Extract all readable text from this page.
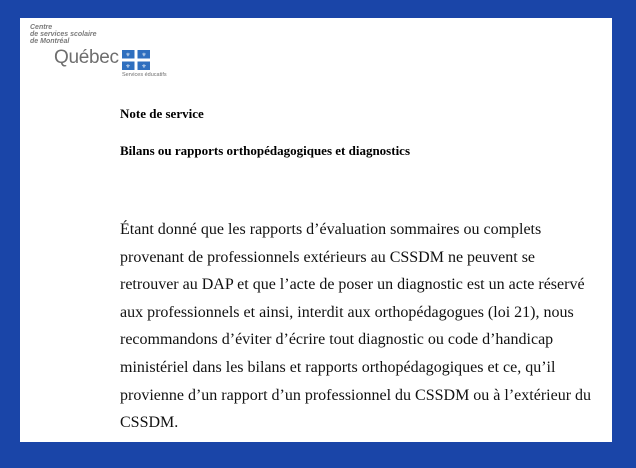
Centre
de services scolaire
de Montréal
Québec ⚜ ⚜
⚜ ⚜
Services éducatifs
Note de service
Bilans ou rapports orthopédagogiques et diagnostics
Étant donné que les rapports d’évaluation sommaires ou complets
provenant de professionnels extérieurs au CSSDM ne peuvent se
retrouver au DAP et que l’acte de poser un diagnostic est un acte réservé
aux professionnels et ainsi, interdit aux orthopédagogues (loi 21), nous
recommandons d’éviter d’écrire tout diagnostic ou code d’handicap
ministériel dans les bilans et rapports orthopédagogiques et ce, qu’il
provienne d’un rapport d’un professionnel du CSSDM ou à l’extérieur du
CSSDM.
